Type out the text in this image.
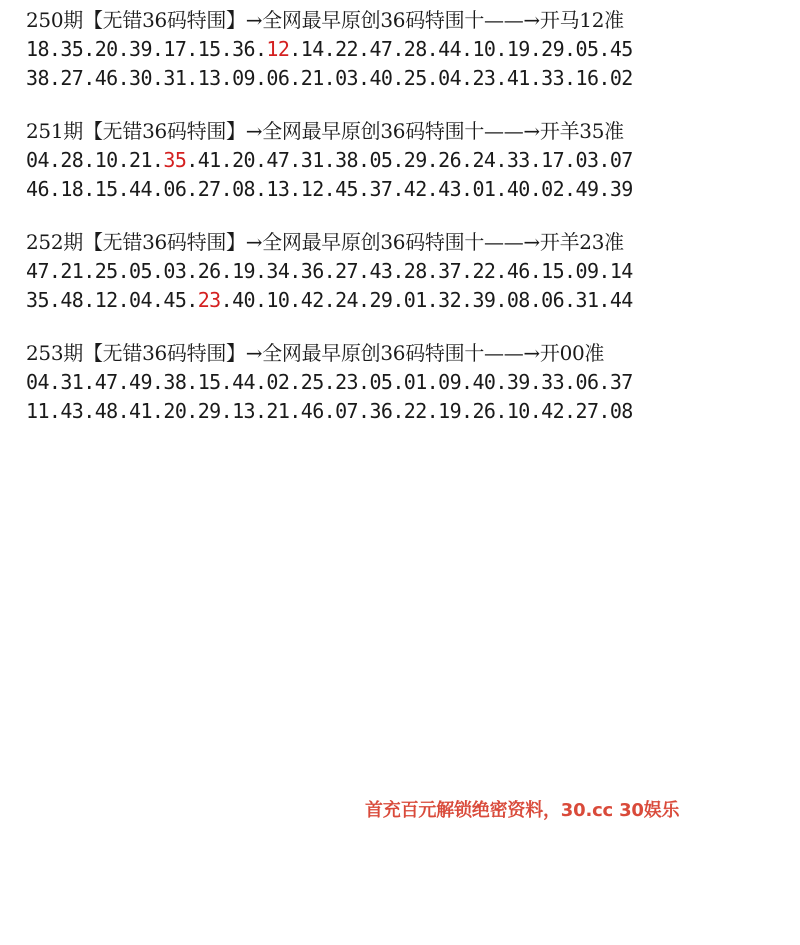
250期【无错36码特围】→全网最早原创36码特围十——→开马12准
18.35.20.39.17.15.36.12.14.22.47.28.44.10.19.29.05.45
38.27.46.30.31.13.09.06.21.03.40.25.04.23.41.33.16.02
251期【无错36码特围】→全网最早原创36码特围十——→开羊35准
04.28.10.21.35.41.20.47.31.38.05.29.26.24.33.17.03.07
46.18.15.44.06.27.08.13.12.45.37.42.43.01.40.02.49.39
252期【无错36码特围】→全网最早原创36码特围十——→开羊23准
47.21.25.05.03.26.19.34.36.27.43.28.37.22.46.15.09.14
35.48.12.04.45.23.40.10.42.24.29.01.32.39.08.06.31.44
253期【无错36码特围】→全网最早原创36码特围十——→开00准
04.31.47.49.38.15.44.02.25.23.05.01.09.40.39.33.06.37
11.43.48.41.20.29.13.21.46.07.36.22.19.26.10.42.27.08
首充百元解锁绝密资料，30.cc 30娱乐
